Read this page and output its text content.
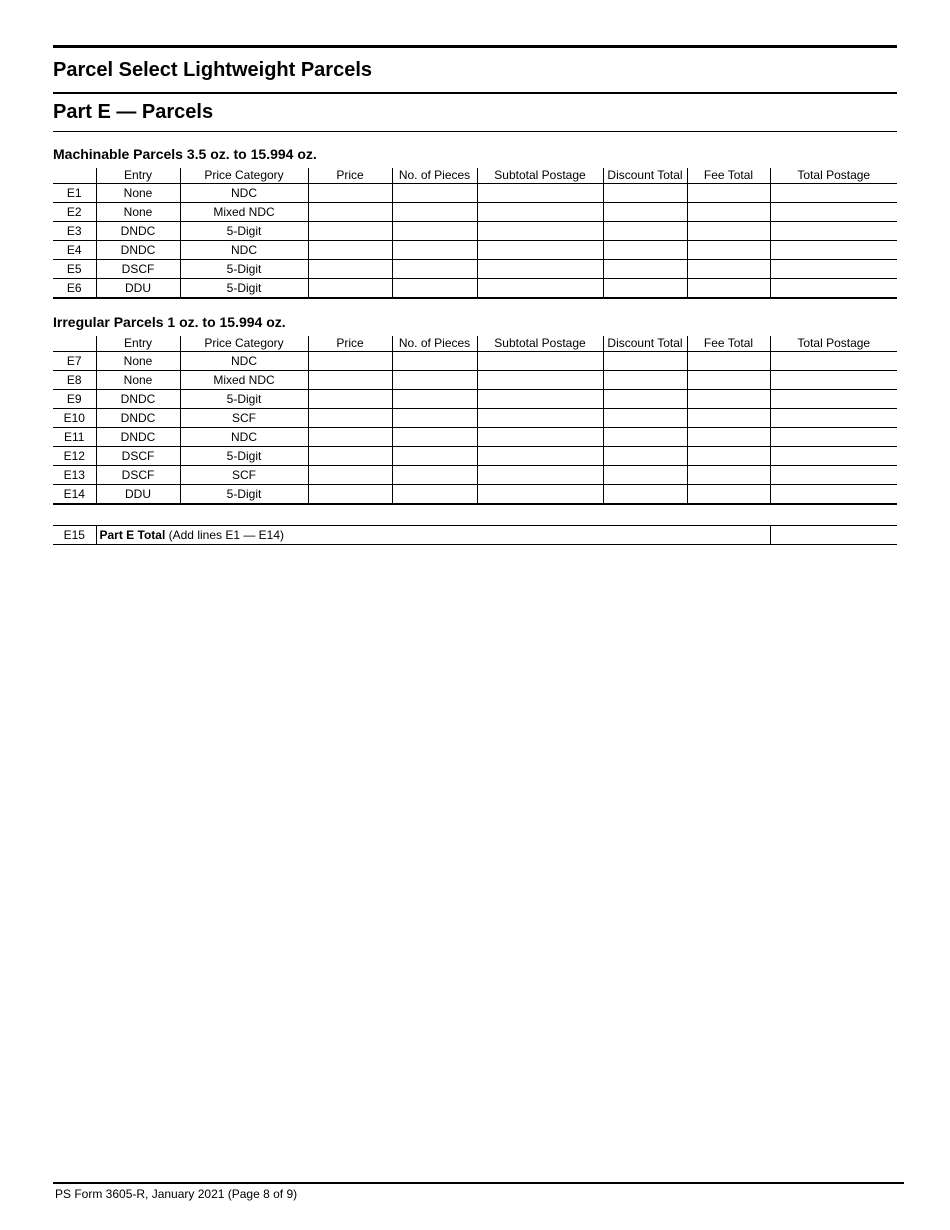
Parcel Select Lightweight Parcels
Part E — Parcels
Machinable Parcels 3.5 oz. to 15.994 oz.
	Entry	Price Category	Price	No. of Pieces	Subtotal Postage	Discount Total	Fee Total	Total Postage
E1	None	NDC						
E2	None	Mixed NDC						
E3	DNDC	5-Digit						
E4	DNDC	NDC						
E5	DSCF	5-Digit						
E6	DDU	5-Digit						
Irregular Parcels 1 oz. to 15.994 oz.
	Entry	Price Category	Price	No. of Pieces	Subtotal Postage	Discount Total	Fee Total	Total Postage
E7	None	NDC						
E8	None	Mixed NDC						
E9	DNDC	5-Digit						
E10	DNDC	SCF						
E11	DNDC	NDC						
E12	DSCF	5-Digit						
E13	DSCF	SCF						
E14	DDU	5-Digit						
E15	Part E Total (Add lines E1 — E14)	
PS Form 3605-R, January 2021 (Page 8 of 9)
